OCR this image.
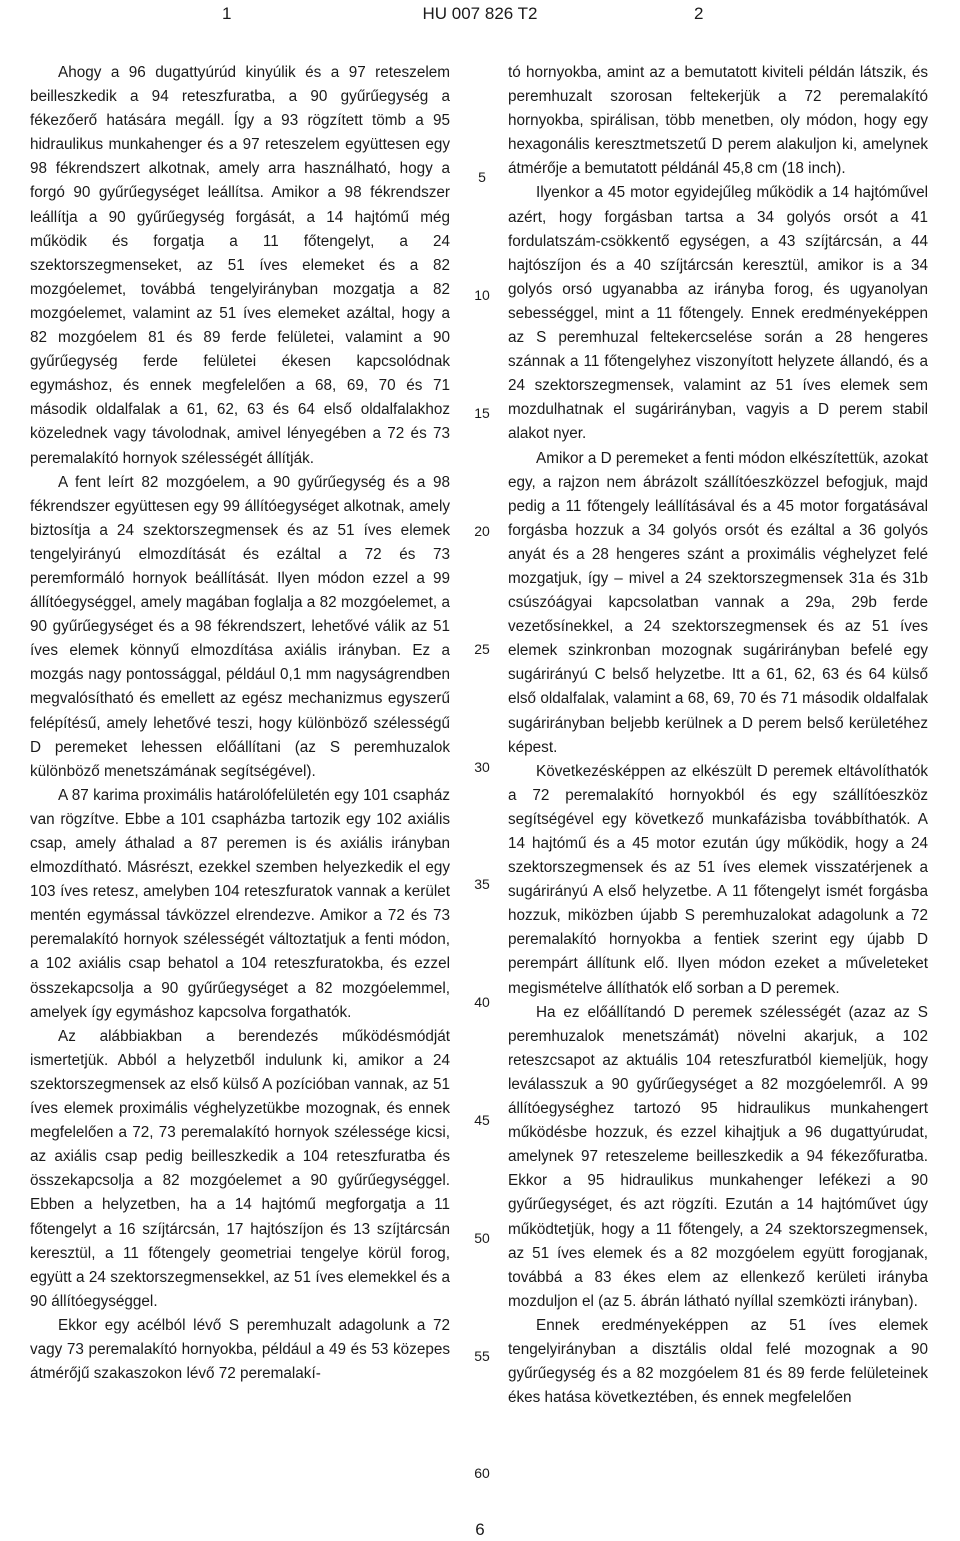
1	HU 007 826 T2	2

Ahogy a 96 dugattyúrúd kinyúlik és a 97 reteszelem beilleszkedik a 94 reteszfuratba, a 90 gyűrűegység a fékezőerő hatására megáll. Így a 93 rögzített tömb a 95 hidraulikus munkahenger és a 97 reteszelem együttesen egy 98 fékrendszert alkotnak, amely arra használható, hogy a forgó 90 gyűrűegységet leállítsa. Amikor a 98 fékrendszer leállítja a 90 gyűrűegység forgását, a 14 hajtómű még működik és forgatja a 11 főtengelyt, a 24 szektorszegmenseket, az 51 íves elemeket és a 82 mozgóelemet, továbbá tengelyirányban mozgatja a 82 mozgóelemet, valamint az 51 íves elemeket azáltal, hogy a 82 mozgóelem 81 és 89 ferde felületei, valamint a 90 gyűrűegység ferde felületei ékesen kapcsolódnak egymáshoz, és ennek megfelelően a 68, 69, 70 és 71 második oldalfalak a 61, 62, 63 és 64 első oldalfalakhoz közelednek vagy távolodnak, amivel lényegében a 72 és 73 peremalakító hornyok szélességét állítják.

A fent leírt 82 mozgóelem, a 90 gyűrűegység és a 98 fékrendszer együttesen egy 99 állítóegységet alkotnak, amely biztosítja a 24 szektorszegmensek és az 51 íves elemek tengelyirányú elmozdítását és ezáltal a 72 és 73 peremformáló hornyok beállítását. Ilyen módon ezzel a 99 állítóegységgel, amely magában foglalja a 82 mozgóelemet, a 90 gyűrűegységet és a 98 fékrendszert, lehetővé válik az 51 íves elemek könnyű elmozdítása axiális irányban. Ez a mozgás nagy pontossággal, például 0,1 mm nagyságrendben megvalósítható és emellett az egész mechanizmus egyszerű felépítésű, amely lehetővé teszi, hogy különböző szélességű D peremeket lehessen előállítani (az S peremhuzalok különböző menetszámának segítségével).

A 87 karima proximális határolófelületén egy 101 csapház van rögzítve. Ebbe a 101 csapházba tartozik egy 102 axiális csap, amely áthalad a 87 peremen is és axiális irányban elmozdítható. Másrészt, ezekkel szemben helyezkedik el egy 103 íves retesz, amelyben 104 reteszfuratok vannak a kerület mentén egymással távközzel elrendezve. Amikor a 72 és 73 peremalakító hornyok szélességét változtatjuk a fenti módon, a 102 axiális csap behatol a 104 reteszfuratokba, és ezzel összekapcsolja a 90 gyűrűegységet a 82 mozgóelemmel, amelyek így egymáshoz kapcsolva forgathatók.

Az alábbiakban a berendezés működésmódját ismertetjük. Abból a helyzetből indulunk ki, amikor a 24 szektorszegmensek az első külső A pozícióban vannak, az 51 íves elemek proximális véghelyzetükbe mozognak, és ennek megfelelően a 72, 73 peremalakító hornyok szélessége kicsi, az axiális csap pedig beilleszkedik a 104 reteszfuratba és összekapcsolja a 82 mozgóelemet a 90 gyűrűegységgel. Ebben a helyzetben, ha a 14 hajtómű megforgatja a 11 főtengelyt a 16 szíjtárcsán, 17 hajtószíjon és 13 szíjtárcsán keresztül, a 11 főtengely geometriai tengelye körül forog, együtt a 24 szektorszegmensekkel, az 51 íves elemekkel és a 90 állítóegységgel.

Ekkor egy acélból lévő S peremhuzalt adagolunk a 72 vagy 73 peremalakító hornyokba, például a 49 és 53 közepes átmérőjű szakaszokon lévő 72 peremalakí-

5
10
15
20
25
30
35
40
45
50
55
60

tó hornyokba, amint az a bemutatott kiviteli példán látszik, és peremhuzalt szorosan feltekerjük a 72 peremalakító hornyokba, spirálisan, több menetben, oly módon, hogy egy hexagonális keresztmetszetű D perem alakuljon ki, amelynek átmérője a bemutatott példánál 45,8 cm (18 inch).

Ilyenkor a 45 motor egyidejűleg működik a 14 hajtóművel azért, hogy forgásban tartsa a 34 golyós orsót a 41 fordulatszám-csökkentő egységen, a 43 szíjtárcsán, a 44 hajtószíjon és a 40 szíjtárcsán keresztül, amikor is a 34 golyós orsó ugyanabba az irányba forog, és ugyanolyan sebességgel, mint a 11 főtengely. Ennek eredményeképpen az S peremhuzal feltekercselése során a 28 hengeres szánnak a 11 főtengelyhez viszonyított helyzete állandó, és a 24 szektorszegmensek, valamint az 51 íves elemek sem mozdulhatnak el sugárirányban, vagyis a D perem stabil alakot nyer.

Amikor a D peremeket a fenti módon elkészítettük, azokat egy, a rajzon nem ábrázolt szállítóeszközzel befogjuk, majd pedig a 11 főtengely leállításával és a 45 motor forgatásával forgásba hozzuk a 34 golyós orsót és ezáltal a 36 golyós anyát és a 28 hengeres szánt a proximális véghelyzet felé mozgatjuk, így – mivel a 24 szektorszegmensek 31a és 31b csúszóágyai kapcsolatban vannak a 29a, 29b ferde vezetősínekkel, a 24 szektorszegmensek és az 51 íves elemek szinkronban mozognak sugárirányban befelé egy sugárirányú C belső helyzetbe. Itt a 61, 62, 63 és 64 külső első oldalfalak, valamint a 68, 69, 70 és 71 második oldalfalak sugárirányban beljebb kerülnek a D perem belső kerületéhez képest.

Következésképpen az elkészült D peremek eltávolíthatók a 72 peremalakító hornyokból és egy szállítóeszköz segítségével egy következő munkafázisba továbbíthatók. A 14 hajtómű és a 45 motor ezután úgy működik, hogy a 24 szektorszegmensek és az 51 íves elemek visszatérjenek a sugárirányú A első helyzetbe. A 11 főtengelyt ismét forgásba hozzuk, miközben újabb S peremhuzalokat adagolunk a 72 peremalakító hornyokba a fentiek szerint egy újabb D perempárt állítunk elő. Ilyen módon ezeket a műveleteket megismételve állíthatók elő sorban a D peremek.

Ha ez előállítandó D peremek szélességét (azaz az S peremhuzalok menetszámát) növelni akarjuk, a 102 reteszcsapot az aktuális 104 reteszfuratból kiemeljük, hogy leválasszuk a 90 gyűrűegységet a 82 mozgóelemről. A 99 állítóegységhez tartozó 95 hidraulikus munkahengert működésbe hozzuk, és ezzel kihajtjuk a 96 dugattyúrudat, amelynek 97 reteszeleme beilleszkedik a 94 fékezőfuratba. Ekkor a 95 hidraulikus munkahenger lefékezi a 90 gyűrűegységet, és azt rögzíti. Ezután a 14 hajtóművet úgy működtetjük, hogy a 11 főtengely, a 24 szektorszegmensek, az 51 íves elemek és a 82 mozgóelem együtt forogjanak, továbbá a 83 ékes elem az ellenkező kerületi irányba mozduljon el (az 5. ábrán látható nyíllal szemközti irányban).

Ennek eredményeképpen az 51 íves elemek tengelyirányban a disztális oldal felé mozognak a 90 gyűrűegység és a 82 mozgóelem 81 és 89 ferde felületeinek ékes hatása következtében, és ennek megfelelően

6
